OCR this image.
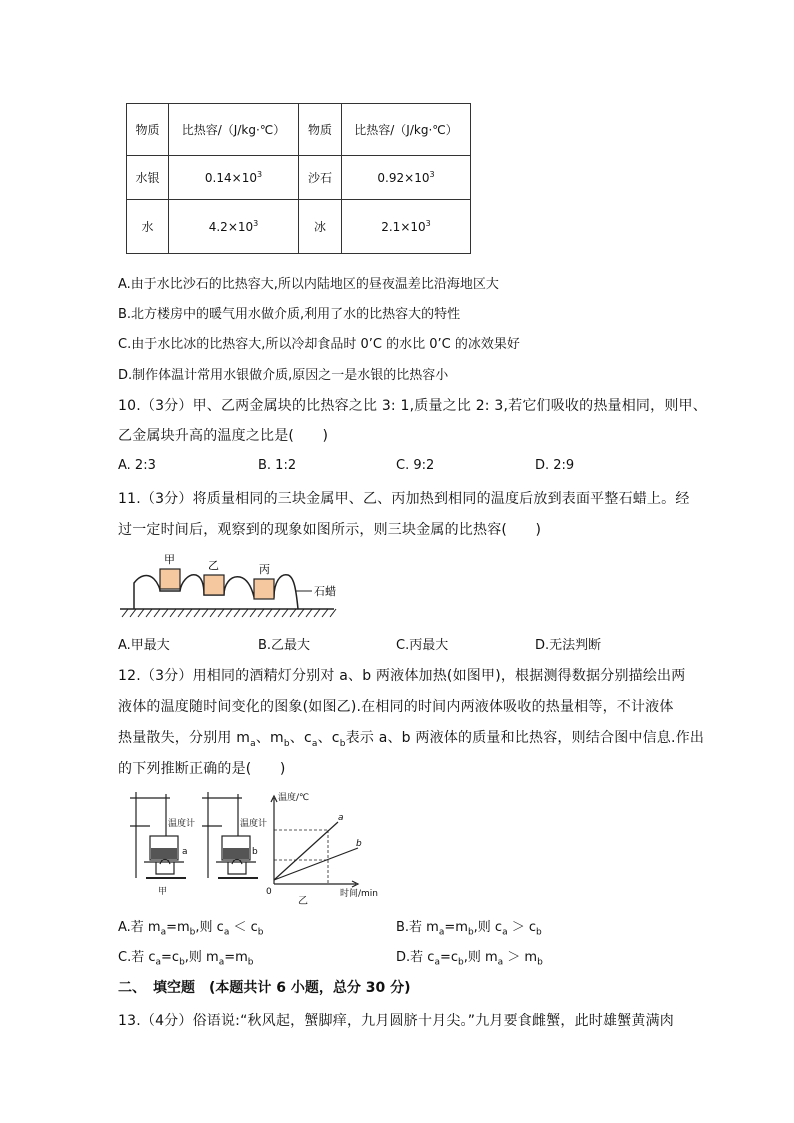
物质	比热容/（J/kg·℃）	物质	比热容/（J/kg·℃）
水银	$0.14\times 10^3$	沙石	$0.92\times 10^3$
水	$4.2\times 10^3$	冰	$2.1\times 10^3$
A.由于水比沙石的比热容大,所以内陆地区的昼夜温差比沿海地区大
B.北方楼房中的暖气用水做介质,利用了水的比热容大的特性
C.由于水比冰的比热容大,所以冷却食品时 0’C 的水比 0’C 的冰效果好
D.制作体温计常用水银做介质,原因之一是水银的比热容小
10.（3分）甲、乙两金属块的比热容之比 3: 1,质量之比 2: 3,若它们吸收的热量相同，则甲、
乙金属块升高的温度之比是(　　)
A. 2:3	B. 1:2	C. 9:2	D. 2:9
11.（3分）将质量相同的三块金属甲、乙、丙加热到相同的温度后放到表面平整石蜡上。经
过一定时间后，观察到的现象如图所示，则三块金属的比热容(　　)
甲	乙	丙
石蜡
A.甲最大	B.乙最大	C.丙最大	D.无法判断
12.（3分）用相同的酒精灯分别对 a、b 两液体加热(如图甲)，根据测得数据分别描绘出两
液体的温度随时间变化的图象(如图乙).在相同的时间内两液体吸收的热量相等，不计液体
热量散失，分别用 $m_a$、$m_b$、$c_a$、$c_b$表示 a、b 两液体的质量和比热容，则结合图中信息.作出
的下列推断正确的是(　　)
温度计
a
温度计
b
甲
乙
温度/℃
时间/min
0
a
b
A.若 $m_a=m_b$,则 $c_a < c_b$	B.若 $m_a=m_b$,则 $c_a > c_b$
C.若 $c_a=c_b$,则 $m_a=m_b$	D.若 $c_a=c_b$,则 $m_a > m_b$
二、　填空题　(本题共计 6 小题，总分 30 分)
13.（4分）俗语说:“秋风起，蟹脚痒，九月圆脐十月尖。”九月要食雌蟹，此时雄蟹黄满肉
